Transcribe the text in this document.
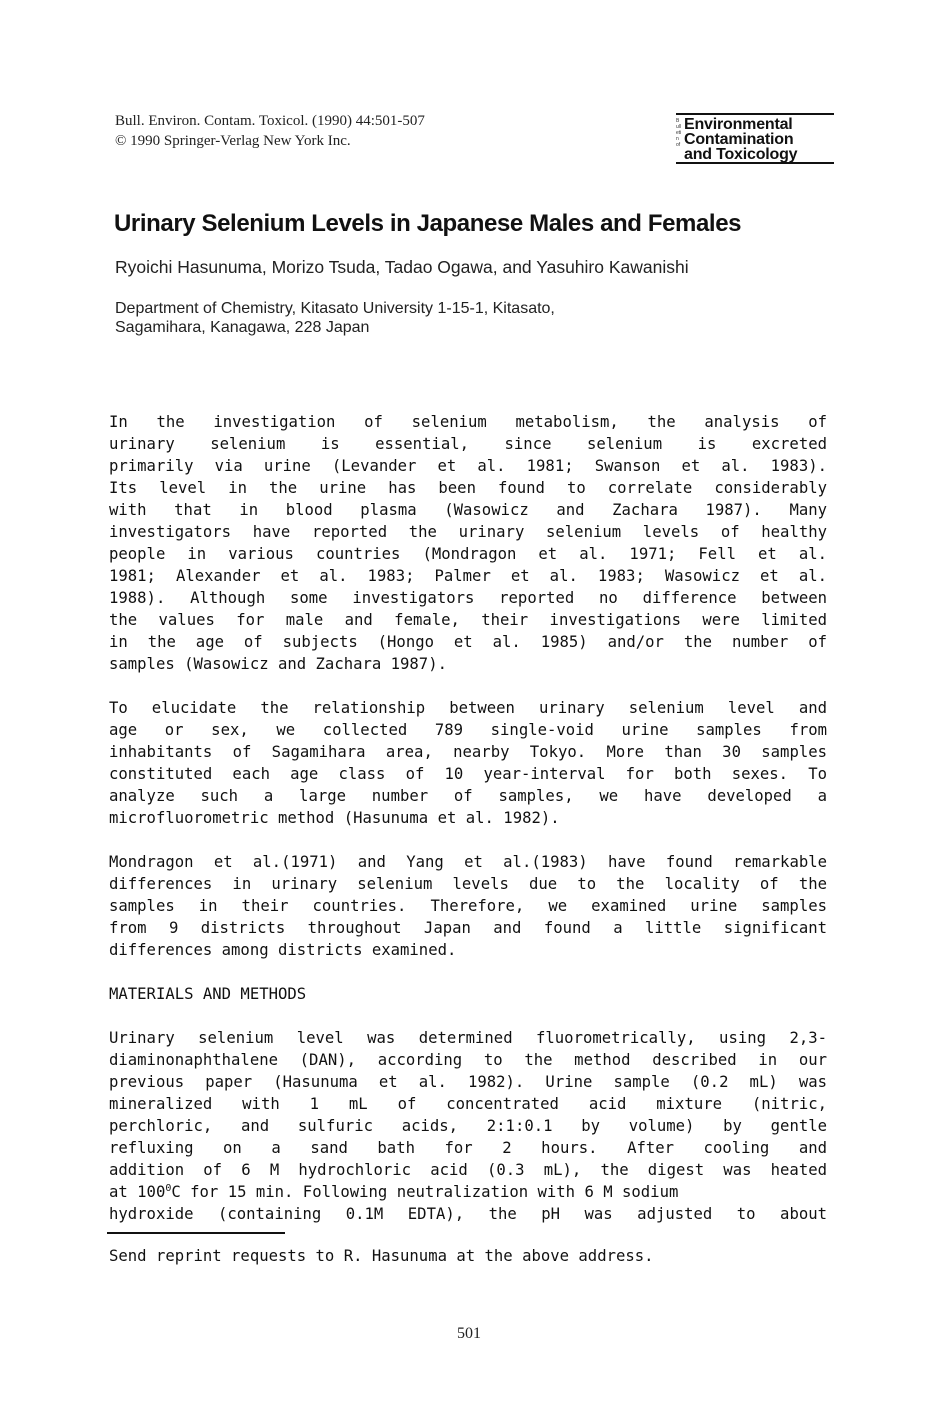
Bull. Environ. Contam. Toxicol. (1990) 44:501-507
© 1990 Springer-Verlag New York Inc.
Bulletin of
Environmental
Contamination
and Toxicology
Urinary Selenium Levels in Japanese Males and Females
Ryoichi Hasunuma, Morizo Tsuda, Tadao Ogawa, and Yasuhiro Kawanishi
Department of Chemistry, Kitasato University 1-15-1, Kitasato,
Sagamihara, Kanagawa, 228 Japan
In the investigation of selenium metabolism, the analysis of
urinary selenium is essential, since selenium is excreted
primarily via urine (Levander et al. 1981; Swanson et al. 1983).
Its level in the urine has been found to correlate considerably
with that in blood plasma (Wasowicz and Zachara 1987). Many
investigators have reported the urinary selenium levels of healthy
people in various countries (Mondragon et al. 1971; Fell et al.
1981; Alexander et al. 1983; Palmer et al. 1983; Wasowicz et al.
1988). Although some investigators reported no difference between
the values for male and female, their investigations were limited
in the age of subjects (Hongo et al. 1985) and/or the number of
samples (Wasowicz and Zachara 1987).
To elucidate the relationship between urinary selenium level and
age or sex, we collected 789 single-void urine samples from
inhabitants of Sagamihara area, nearby Tokyo. More than 30 samples
constituted each age class of 10 year-interval for both sexes. To
analyze such a large number of samples, we have developed a
microfluorometric method (Hasunuma et al. 1982).
Mondragon et al.(1971) and Yang et al.(1983) have found remarkable
differences in urinary selenium levels due to the locality of the
samples in their countries. Therefore, we examined urine samples
from 9 districts throughout Japan and found a little significant
differences among districts examined.
MATERIALS AND METHODS
Urinary selenium level was determined fluorometrically, using 2,3-
diaminonaphthalene (DAN), according to the method described in our
previous paper (Hasunuma et al. 1982). Urine sample (0.2 mL) was
mineralized with 1 mL of concentrated acid mixture (nitric,
perchloric, and sulfuric acids, 2:1:0.1 by volume) by gentle
refluxing on a sand bath for 2 hours. After cooling and
addition of 6 M hydrochloric acid (0.3 mL), the digest was heated
at $100^0C$ for 15 min. Following neutralization with 6 M sodium
hydroxide (containing 0.1M EDTA), the pH was adjusted to about
Send reprint requests to R. Hasunuma at the above address.
501
